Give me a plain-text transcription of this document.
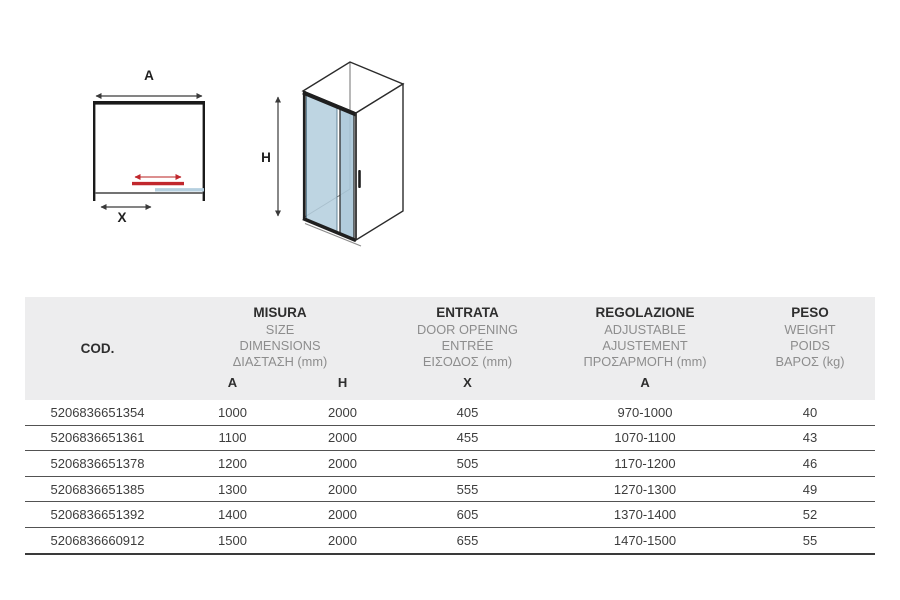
A
X
H
COD.

MISURA
SIZE
DIMENSIONS
ΔΙΑΣΤΑΣΗ (mm)

ENTRATA
DOOR OPENING
ENTRÉE
ΕΙΣΟΔΟΣ (mm)

REGOLAZIONE
ADJUSTABLE
AJUSTEMENT
ΠΡΟΣΑΡΜΟΓΗ (mm)

PESO
WEIGHT
POIDS
ΒΑΡΟΣ (kg)

	A	H	X	A	
5206836651354	1000	2000	405	970-1000	40
5206836651361	1100	2000	455	1070-1100	43
5206836651378	1200	2000	505	1170-1200	46
5206836651385	1300	2000	555	1270-1300	49
5206836651392	1400	2000	605	1370-1400	52
5206836660912	1500	2000	655	1470-1500	55
